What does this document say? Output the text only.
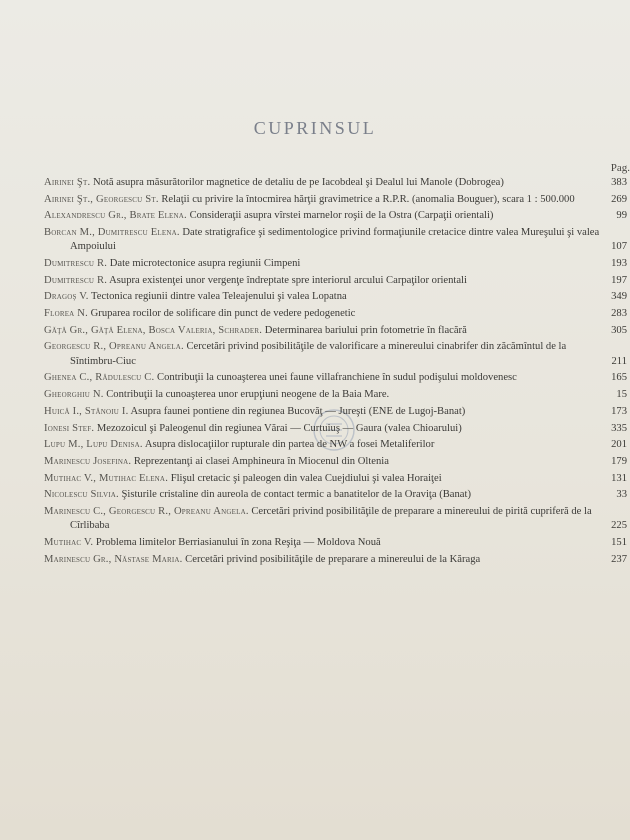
CUPRINSUL
Pag.
Airinei Şt. Notă asupra măsurătorilor magnetice de detaliu de pe Iacobdeal şi Dealul lui Manole (Dobrogea)	383
Airinei Şt., Georgescu St. Relaţii cu privire la întocmirea hărţii gravimetrice a R.P.R. (anomalia Bouguer), scara 1 : 500.000	269
Alexandrescu Gr., Brate Elena. Consideraţii asupra vîrstei marnelor roşii de la Ostra (Carpaţii orientali)	99
Borcan M., Dumitrescu Elena. Date stratigrafice şi sedimentologice privind formaţiunile cretacice dintre valea Mureşului şi valea Ampoiului	107
Dumitrescu R. Date microtectonice asupra regiunii Cimpeni	193
Dumitrescu R. Asupra existenţei unor vergenţe îndreptate spre interiorul arcului Carpaţilor orientali	197
Dragoş V. Tectonica regiunii dintre valea Teleajenului şi valea Lopatna	349
Florea N. Gruparea rocilor de solificare din punct de vedere pedogenetic	283
Găţă Gr., Găţă Elena, Bosca Valeria, Schrader. Determinarea bariului prin fotometrie în flacără	305
Georgescu R., Opreanu Angela. Cercetări privind posibilităţile de valorificare a minereului cinabrifer din zăcămîntul de la Sîntimbru-Ciuc	211
Ghenea C., Rădulescu C. Contribuţii la cunoaşterea unei faune villafranchiene în sudul podişului moldovenesc	165
Gheorghiu N. Contribuţii la cunoaşterea unor erupţiuni neogene de la Baia Mare.	15
Huică I., Stănoiu I. Asupra faunei pontiene din regiunea Bucovăţ — Jureşti (ENE de Lugoj-Banat)	173
Ionesi Stef. Mezozoicul şi Paleogenul din regiunea Vărai — Curtuiuş — Gaura (valea Chioarului)	335
Lupu M., Lupu Denisa. Asupra dislocaţiilor rupturale din partea de NW a fosei Metaliferilor	201
Marinescu Josefina. Reprezentanţi ai clasei Amphineura în Miocenul din Oltenia	179
Mutihac V., Mutihac Elena. Flişul cretacic şi paleogen din valea Cuejdiului şi valea Horaiţei	131
Nicolescu Silvia. Şisturile cristaline din aureola de contact termic a banatitelor de la Oraviţa (Banat)	33
Marinescu C., Georgescu R., Opreanu Angela. Cercetări privind posibilităţile de preparare a minereului de pirită cupriferă de la Cîrlibaba	225
Mutihac V. Problema limitelor Berriasianului în zona Reşiţa — Moldova Nouă	151
Marinescu Gr., Năstase Maria. Cercetări privind posibilităţile de preparare a minereului de la Kăraga	237
